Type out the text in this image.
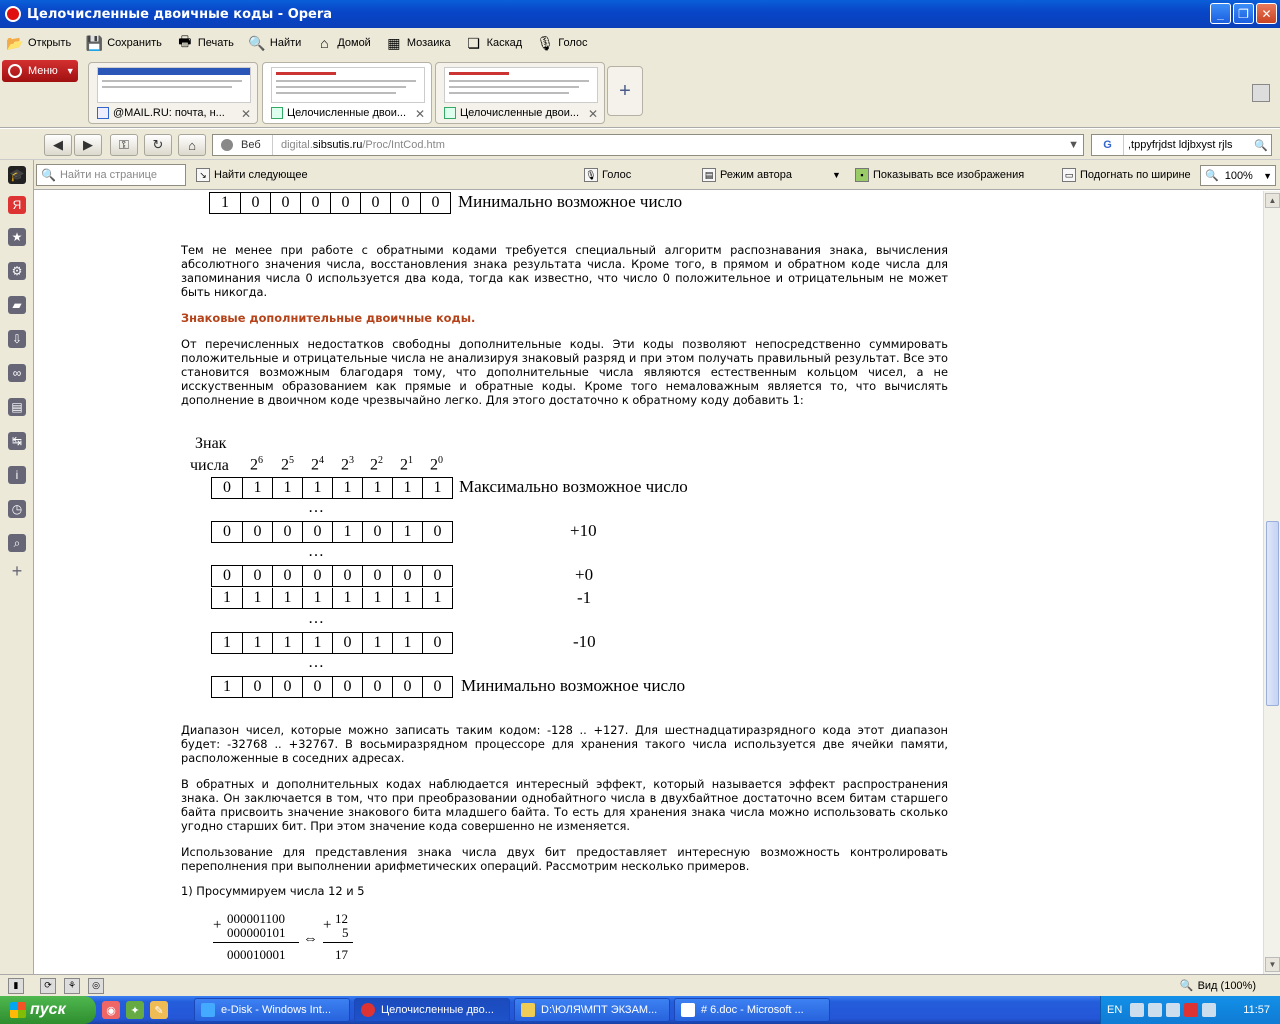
Целочисленные двоичные коды - Opera	_	❐	✕
📂 Открыть 💾 Сохранить 🖶 Печать 🔍 Найти	⌂ Домой ▦ Мозаика ❏ Каскад 🎙 Голос
Меню ▼
@MAIL.RU: почта, н... ✕	Целочисленные двои... ✕	Целочисленные двои... ✕
+
◀ ▶ ⚿ ↻ ⌂	Веб	digital.sibsutis.ru/Proc/IntCod.htm	▼	G	,tppyfrjdst ldjbxyst rjls	🔍
🔍 Найти на странице	↘ Найти следующее	🎙 Голос	▤ Режим автора	▼	▪ Показывать все изображения	▭ Подогнать по ширине 🔍 100% ▼
🎓
Я
★
⚙
▰
⇩
∞
▤
↹
i
◷
⌕
+
1	0	0	0	0	0	0	0	Минимально возможное число
Тем не менее при работе с обратными кодами требуется специальный алгоритм распознавания знака, вычисления абсолютного значения числа, восстановления знака результата числа. Кроме того, в прямом и обратном коде числа для запоминания числа 0 используется два кода, тогда как известно, что число 0 положительное и отрицательным не может быть никогда.
Знаковые дополнительные двоичные коды.
От перечисленных недостатков свободны дополнительные коды. Эти коды позволяют непосредственно суммировать положительные и отрицательные числа не анализируя знаковый разряд и при этом получать правильный результат. Все это становится возможным благодаря тому, что дополнительные числа являются естественным кольцом чисел, а не исскуственным образованием как прямые и обратные коды. Кроме того немаловажным является то, что вычислять дополнение в двоичном коде чрезвычайно легко. Для этого достаточно к обратному коду добавить 1:
Знак
числа $2^6$ $2^5$ $2^4$ $2^3$ $2^2$ $2^1$ $2^0$
0	1	1	1	1	1	1	1	Максимально возможное число
…
0	0	0	0	1	0	1	0	+10
…
0	0	0	0	0	0	0	0	+0
1	1	1	1	1	1	1	1	-1
…
1	1	1	1	0	1	1	0	-10
…
1	0	0	0	0	0	0	0	Минимально возможное число
Диапазон чисел, которые можно записать таким кодом: -128 .. +127. Для шестнадцатиразрядного кода этот диапазон будет: -32768 .. +32767. В восьмиразрядном процессоре для хранения такого числа используется две ячейки памяти, расположенные в соседних адресах.
В обратных и дополнительных кодах наблюдается интересный эффект, который называется эффект распространения знака. Он заключается в том, что при преобразовании однобайтного числа в двухбайтное достаточно всем битам старшего байта присвоить значение знакового бита младшего байта. То есть для хранения знака числа можно использовать сколько угодно старших бит. При этом значение кода совершенно не изменяется.
Использование для представления знака числа двух бит предоставляет интересную возможность контролировать переполнения при выполнении арифметических операций. Рассмотрим несколько примеров.
1) Просуммируем числа 12 и 5
+ 000001100
000000101
000010001
⇔
+ 12
5
17
▲
▼
▮	⟳	⚘	◎	🔍 Вид (100%)
пуск	◉	✦	✎	e-Disk - Windows Int...	Целочисленные дво...	D:\ЮЛЯ\МПТ ЭКЗАМ...	# 6.doc - Microsoft ...	EN	11:57
